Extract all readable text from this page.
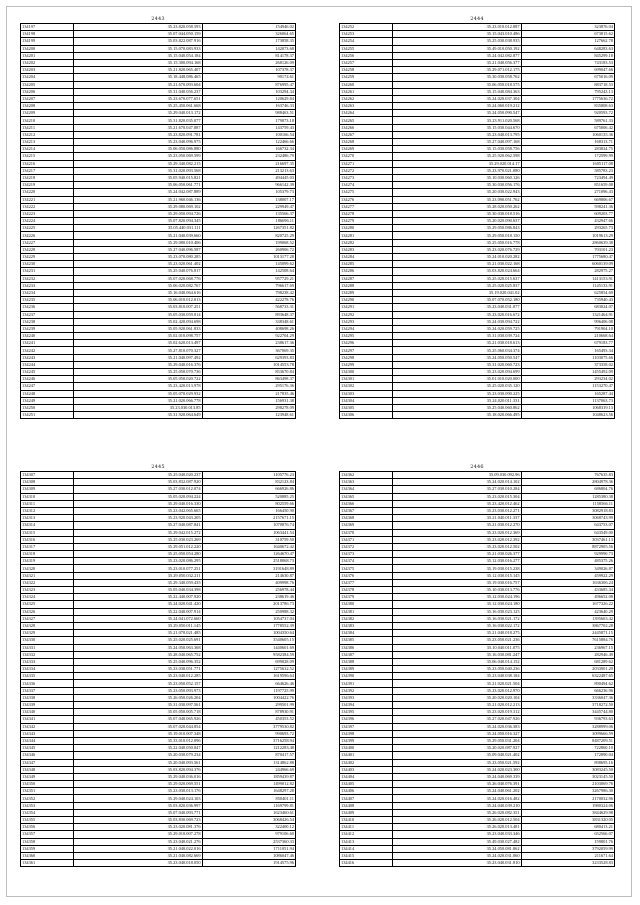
2443
134197	35.23.820.058.593	154946.02
134198	35.07.044.050.159	326064.65
134199	35.03.822.087.916	173858.35
134200	35.15.070.083.933	142073.68
134201	35.15.040.054.184	814178.37
134202	35.15.300.094.168	268126.09
134203	35.21.820.065.407	107378.37
134204	35.18.448.086.465	90174.61
134205	35.21.670.093.604	876995.47
134206	35.31.040.056.237	103294.34
134207	35.23.670.077.651	120629.84
134208	35.25.450.061.668	163746.33
134209	35.29.040.013.172	988463.51
134210	35.31.820.035.077	179073.18
134211	35.21.670.047.887	143759.43
134212	35.23.820.091.781	100166.54
134213	35.23.040.096.975	122466.66
134214	35.06.050.086.880	166732.34
134215	35.23.050.069.599	232486.79
134216	35.29.340.082.215	216697.35
134217	35.31.020.093.568	213213.63
134218	35.05.940.015.821	494445.03
134219	35.06.050.061.771	966142.39
134220	35.24.042.087.889	105379.73
134221	35.21.960.046.136	138007.17
134222	35.29.080.069.102	229949.47
134223	35.29.050.094.726	135566.37
134224	35.07.820.094.345	186696.11
134225	35.05.440.031.111	1267351.82
134226	35.21.040.039.660	820725.29
134227	35.29.080.010.406	199068.52
134228	35.27.040.096.587	260906.72
134229	35.23.070.080.285	1013177.28
134230	35.23.020.061.402	145099.62
134231	35.25.040.076.817	142508.64
134232	35.07.020.068.776	957729.21
134233	35.06.020.082.767	796617.69
134234	35.16.040.064.616	798238.42
134235	35.06.010.012.013	422278.76
134236	35.03.810.007.251	568733.31
134237	35.05.030.059.814	893648.37
134238	35.02.420.094.698	338348.61
134239	35.05.920.061.833	408698.26
134240	35.02.010.098.757	922704.29
134241	35.02.620.013.497	238617.36
134242	35.27.810.070.327	367069.35
134243	35.21.040.097.492	629393.83
134244	35.29.040.016.376	1014553.78
134245	35.25.050.070.736	853670.84
134246	35.05.050.020.722	863498.37
134247	35.23.420.013.978	295176.36
134248	35.05.070.029.932	217835.46
134249	35.21.020.066.778	156931.38
134250	35.23.030.013.85	298278.09
134251	35.31.920.064.649	123948.61
2444
134252	35.23.010.012.887	323876.04
134253	35.15.043.010.486	673815.62
134254	35.25.030.038.935	127662.78
134255	35.49.010.050.192	648283.63
134256	35.24.042.082.877	845299.18
134257	35.21.040.056.377	743183.53
134258	35.29.071.012.175	699047.66
134259	35.30.030.058.762	675016.09
134260	35.06.050.018.575	883718.53
134261	35.15.040.084.363	795243.13
134262	35.24.020.037.304	1775636.72
134263	35.24.060.019.212	835808.63
134264	35.24.050.090.547	920593.72
134265	35.23.911.020.568	589761.33
134266	35.15.030.044.670	675006.42
134267	35.23.040.013.795	1060135.36
134268	35.27.040.097.168	168313.71
134269	35.15.030.058.756	283824.75
134270	35.25.920.062.598	172599.99
134271	35.29.020.014.17	1605117.08
134272	35.23.970.021.080	585783.23
134273	35.10.030.060.126	723494.49
134274	35.30.030.056.176	851659.08
134275	35.20.030.022.943	271096.43
134276	35.23.090.051.762	669806.67
134277	35.28.020.050.262	598241.36
134278	35.30.030.018.516	609203.77
134279	35.20.020.090.637	432947.66
134280	35.29.050.086.843	293265.73
134281	35.29.050.018.150	1019613.29
134282	35.25.050.016.778	2860639.38
134283	35.23.020.076.729	703101.23
134284	35.24.010.020.282	1775680.47
134285	35.21.030.022.168	6060139.09
134286	35.03.820.024.664	282975.27
134287	35.25.020.015.637	1413153.91
134288	35.25.020.025.837	1145133.91
134289	35.19.020.041.02	625854.69
134290	35.07.070.052.180	735940.43
134291	35.23.040.031.077	683024.07
134292	35.23.020.016.672	1321464.91
134293	35.24.030.094.722	996406.08
134294	35.24.020.059.725	791904.10
134295	35.31.030.039.724	210668.64
134296	35.21.030.018.613	679183.77
134297	35.25.060.034.374	165493.34
134298	35.24.050.050.547	1103075.66
134299	35.31.020.060.723	373358.02
134300	35.23.020.094.699	1455492.09
134301	35.01.010.020.000	293234.02
134302	35.25.020.035.120	1153270.47
134303	35.23.030.090.225	165287.44
134304	35.24.020.011.331	1137063.73
134305	35.25.040.060.862	1068319.13
134306	35.18.020.066.495	1048623.56
2445
134307	35.25.040.020.237	1105776.23
134308	35.03.832.087.920	832123.84
134309	35.27.030.012.074	666926.86
134310	35.05.020.094.224	520885.25
134311	35.29.040.016.330	802559.66
134312	35.23.042.065.665	166450.90
134313	35.23.920.043.205	2157671.15
134314	35.27.040.087.841	1070876.74
134315	35.29.042.015.272	1063441.54
134316	35.25.030.023.269	310759.50
134317	35.29.051.012.220	1640672.42
134318	35.25.050.054.280	1264670.47
134319	35.23.020.086.295	2518068.73
134320	35.23.010.077.251	3191648.89
134321	35.29.050.032.211	214630.87
134322	35.29.340.059.435	409998.76
134323	35.05.040.034.398	256978.44
134324	35.22.440.007.920	238619.46
134325	35.24.020.041.420	2013786.73
134326	35.22.040.007.914	250988.32
134327	35.24.041.072.660	1054737.04
134328	35.29.050.011.145	1778552.39
134329	35.21.070.021.485	1004350.64
134330	35.25.020.025.691	3540605.15
134331	35.24.050.063.368	1440601.69
134332	35.28.040.065.752	9582384.59
134333	35.25.040.096.352	699028.09
134334	35.23.030.051.771	1275632.52
134335	35.23.040.012.285	1619596.64
134336	35.23.050.052.157	664626.46
134337	35.23.050.093.973	1197725.99
134338	35.26.050.026.204	1004422.76
134339	35.31.030.097.561	299501.99
134340	35.05.050.005.718	878930.91
134341	35.07.040.065.926	450353.52
134342	35.07.020.044.854	3779530.82
134343	35.19.010.007.348	990693.72
134344	35.33.010.012.096	3716258.94
134345	35.22.040.050.847	1212283.48
134346	35.20.030.079.234	870417.57
134347	35.20.040.093.561	1314862.88
134348	35.03.820.094.376	244966.69
134349	35.29.040.036.016	1859439.87
134350	35.29.020.069.551	1499012.82
134351	35.23.030.013.176	1648297.28
134352	35.29.040.024.103	850401.11
134353	35.03.820.036.997	1169799.81
134354	35.07.040.093.771	1623460.61
134355	35.03.830.069.723	3068426.54
134356	35.23.020.081.376	322400.12
134357	35.29.010.007.278	979106.60
134358	35.23.040.021.276	2537360.33
134359	35.21.040.022.016	1711051.94
134360	35.21.040.082.669	1086047.46
134361	35.23.040.018.050	1914575.96
2446
134362	35.09.030.092.96	767635.83
134363	35.24.020.014.102	2804978.36
134364	35.27.030.010.284	686804.76
134365	35.23.020.015.304	1285380.38
134366	35.23.420.012.462	1158566.11
134367	35.23.030.012.271	3082918.83
134368	35.21.040.011.337	3068743.99
134369	35.21.030.012.270	643753.07
134370	35.23.020.012.369	643549.00
134371	35.23.020.012.392	3037461.13
134372	35.23.020.012.502	8872905.56
134373	35.21.030.026.377	929990.73
134374	35.12.030.016.277	485375.26
134375	35.19.030.015.238	349026.87
134376	35.12.030.015.145	459922.29
134377	35.19.030.016.757	1636306.24
134378	35.10.030.013.776	433685.34
134379	35.12.030.024.196	496652.08
134380	35.12.030.024.180	1677326.22
134381	35.16.030.023.125	423640.29
134382	35.16.030.021.172	1395663.42
134383	35.16.030.022.172	3867702.28
134384	35.21.040.018.275	2445871.15
134385	35.23.050.021.236	7615884.76
134386	35.10.040.011.075	236967.15
134387	35.16.030.081.247	282946.49
134388	35.06.040.014.152	681289.62
134389	35.23.050.040.236	2033901.20
134390	35.23.040.038.184	6322487.65
134391	35.21.020.021.504	890494.62
134392	35.23.020.012.970	666236.96
134393	35.20.020.020.104	3336047.36
134394	35.21.020.012.213	3718272.50
134395	35.23.020.019.312	3445744.80
134396	35.27.020.047.926	936793.63
134397	35.24.020.036.383	3288999.06
134398	35.24.050.016.327	3099666.59
134399	35.29.050.031.204	8487209.51
134400	35.20.020.087.927	722860.10
134401	35.09.040.021.402	172890.04
134402	35.23.050.021.592	898695.16
134403	35.24.020.023.300	3083245.50
134404	35.24.040.069.339	3023145.50
134405	35.26.040.076.391	2103069.76
134406	35.24.040.061.202	3267986.30
134407	35.24.020.016.482	2170032.96
134408	35.24.040.039.210	1980324.06
134409	35.26.020.082.351	3844629.98
134410	35.26.020.012.504	3831320.05
134411	35.26.020.013.481	680413.21
134412	35.23.040.033.346	652566.07
134413	35.49.030.027.482	159801.76
134414	35.24.050.081.862	3792059.99
134415	35.24.020.031.060	211671.64
134416	35.23.040.031.810	3233528.83
